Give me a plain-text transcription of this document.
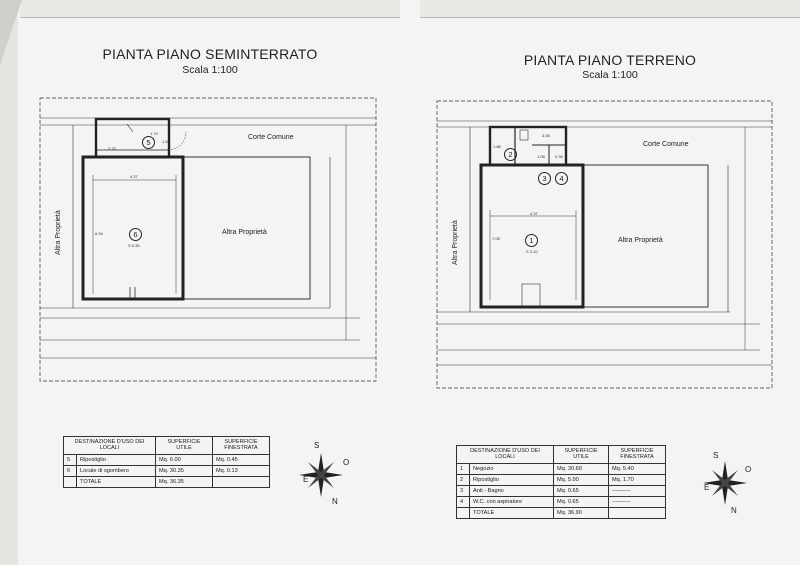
PIANTA PIANO SEMINTERRATO
Scala 1:100
Corte Comune
Altra Proprietà	Altra Proprietà
5
6
4.37
6.94
3.75
1.5
1.70
S 0.35
DESTINAZIONE D'USO DEI LOCALI		SUPERFICIE UTILE	SUPERFICIE FINESTRATA
5	Ripostiglio	Mq. 6.00	Mq. 0.45
6	Locale di sgombero	Mq. 30.35	Mq. 0.13
	TOTALE	Mq. 36.35	
S
O
E
N
PIANTA PIANO TERRENO
Scala 1:100
Corte Comune
Altra Proprietà	Altra Proprietà
1
2
3	4
4.37
7.08
1.88
3.08
1.08	0.35
S 3.10
DESTINAZIONE D'USO DEI LOCALI		SUPERFICIE UTILE	SUPERFICIE FINESTRATA
1	Negozio	Mq. 30.60	Mq. 5.40
2	Ripostiglio	Mq. 5.00	Mq. 1.70
3	Anti - Bagno	Mq. 0.65	----------
4	W.C. con aspiratore	Mq. 0.65	----------
	TOTALE	Mq. 36.90	
S
O
E
N
